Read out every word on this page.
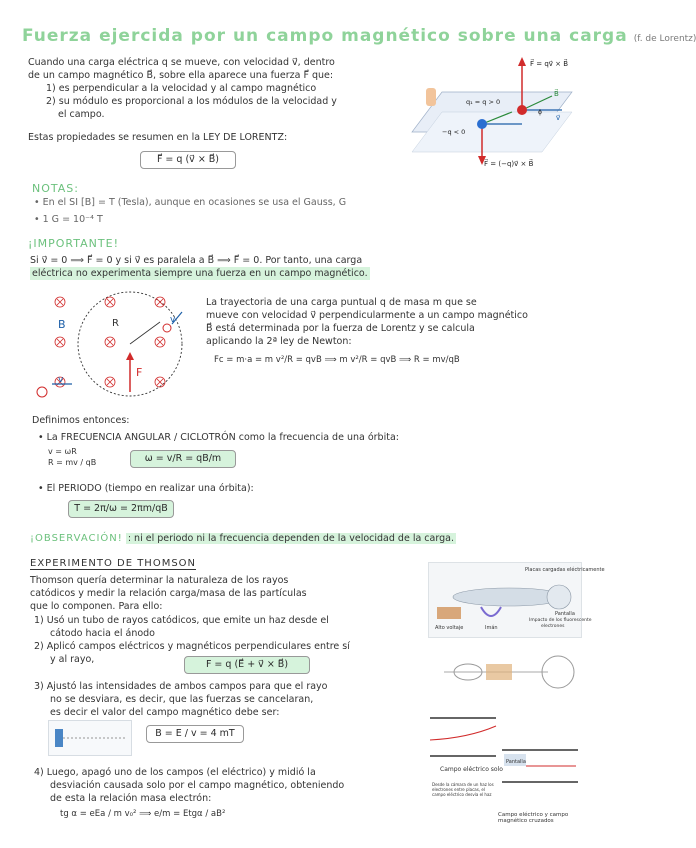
Fuerza ejercida por un campo magnético sobre una carga (f. de Lorentz)
Cuando una carga eléctrica q se mueve, con velocidad v⃗, dentro
de un campo magnético B⃗, sobre ella aparece una fuerza F⃗ que:
1) es perpendicular a la velocidad y al campo magnético
2) su módulo es proporcional a los módulos de la velocidad y
el campo.
Estas propiedades se resumen en la LEY DE LORENTZ:
F⃗ = q (v⃗ × B⃗)
F⃗ = qv⃗ × B⃗
F⃗ = (−q)v⃗ × B⃗
q₁ = q > 0
−q < 0
B⃗
v⃗
ϕ
NOTAS:
• En el SI [B] = T (Tesla), aunque en ocasiones se usa el Gauss, G
• 1 G = 10⁻⁴ T
¡IMPORTANTE!
Si v⃗ = 0 ⟹ F⃗ = 0 y si v⃗ es paralela a B⃗ ⟹ F⃗ = 0. Por tanto, una carga
eléctrica no experimenta siempre una fuerza en un campo magnético.
B	R
F
v
v
La trayectoria de una carga puntual q de masa m que se
mueve con velocidad v⃗ perpendicularmente a un campo magnético
B⃗ está determinada por la fuerza de Lorentz y se calcula
aplicando la 2ª ley de Newton:
Fc = m·a = m v²/R = qvB ⟹ m v²/R = qvB ⟹ R = mv/qB
Definimos entonces:
• La FRECUENCIA ANGULAR / CICLOTRÓN como la frecuencia de una órbita:
v = ωR
R = mv / qB	ω = v/R = qB/m
• El PERIODO (tiempo en realizar una órbita):
T = 2π/ω = 2πm/qB
¡OBSERVACIÓN! : ni el periodo ni la frecuencia dependen de la velocidad de la carga.
EXPERIMENTO DE THOMSON
Thomson quería determinar la naturaleza de los rayos
catódicos y medir la relación carga/masa de las partículas
que lo componen. Para ello:
1) Usó un tubo de rayos catódicos, que emite un haz desde el
cátodo hacia el ánodo
2) Aplicó campos eléctricos y magnéticos perpendiculares entre sí
y al rayo,	F = q (E⃗ + v⃗ × B⃗)
3) Ajustó las intensidades de ambos campos para que el rayo
no se desviara, es decir, que las fuerzas se cancelaran,
es decir el valor del campo magnético debe ser:
B = E / v = 4 mT
4) Luego, apagó uno de los campos (el eléctrico) y midió la
desviación causada solo por el campo magnético, obteniendo
de esta la relación masa electrón:
tg α = eEa / m v₀² ⟹ e/m = Etgα / aB²
Placas cargadas eléctricamente
Pantalla
Impacto de los fluorescente
electrones
Alto voltaje	Imán
Campo eléctrico solo
Desde la cámara de un haz los electrones entre placas, el campo eléctrico desvía el haz
Pantalla
Campo eléctrico y campo magnético cruzados
